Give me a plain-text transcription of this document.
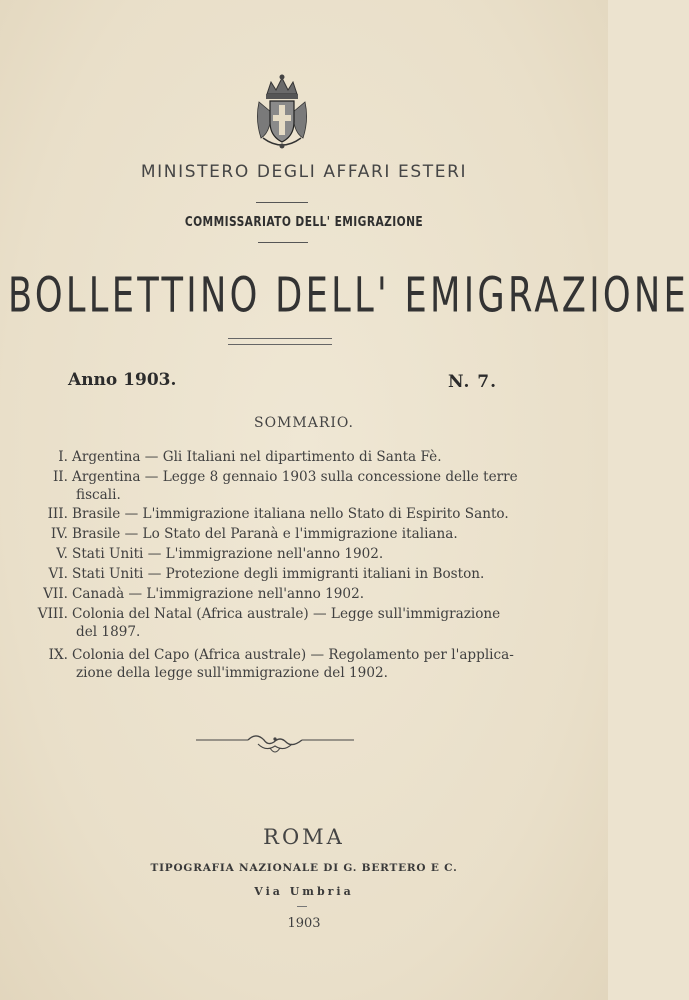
MINISTERO DEGLI AFFARI ESTERI
COMMISSARIATO DELL' EMIGRAZIONE
BOLLETTINO DELL' EMIGRAZIONE
Anno 1903.	N. 7.
SOMMARIO.
I. Argentina — Gli Italiani nel dipartimento di Santa Fè.
II. Argentina — Legge 8 gennaio 1903 sulla concessione delle terre
fiscali.
III. Brasile — L'immigrazione italiana nello Stato di Espirito Santo.
IV. Brasile — Lo Stato del Paranà e l'immigrazione italiana.
V. Stati Uniti — L'immigrazione nell'anno 1902.
VI. Stati Uniti — Protezione degli immigranti italiani in Boston.
VII. Canadà — L'immigrazione nell'anno 1902.
VIII. Colonia del Natal (Africa australe) — Legge sull'immigrazione
del 1897.
IX. Colonia del Capo (Africa australe) — Regolamento per l'applica-
zione della legge sull'immigrazione del 1902.
ROMA
TIPOGRAFIA NAZIONALE DI G. BERTERO E C.
Via Umbria
1903
